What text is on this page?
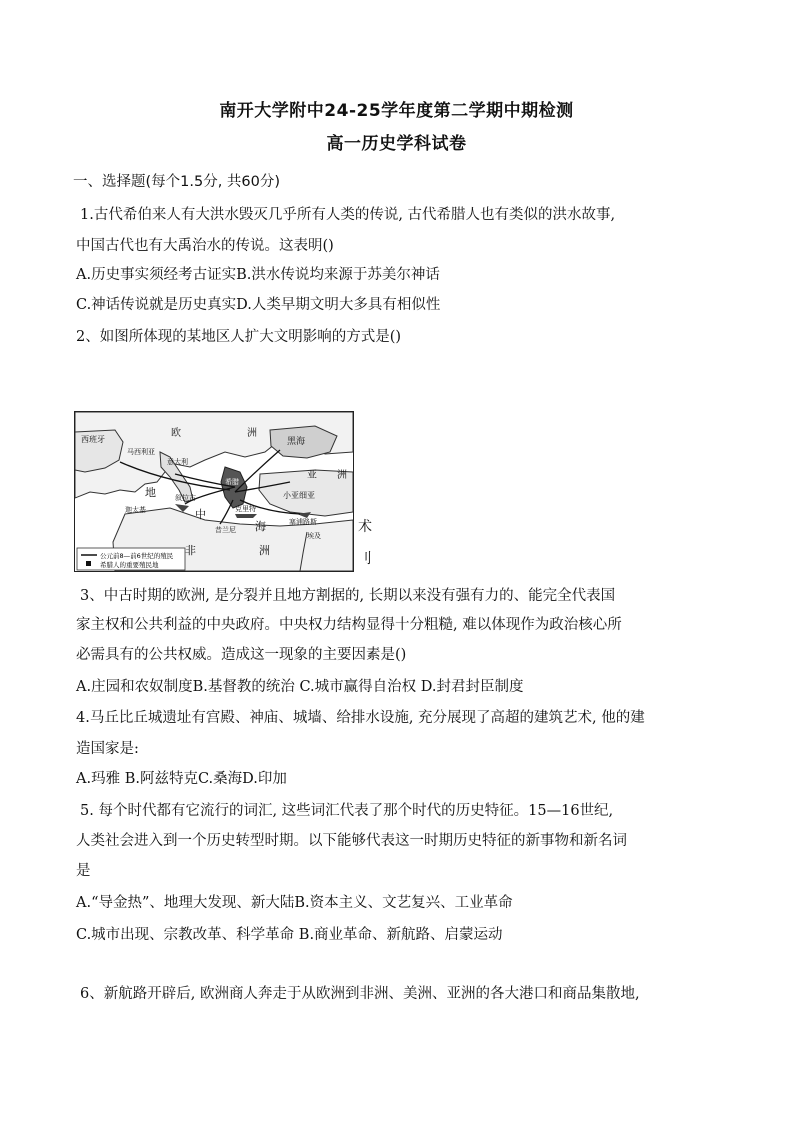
南开大学附中24-25学年度第二学期中期检测
高一历史学科试卷
一、选择题(每个1.5分, 共60分)
1.古代希伯来人有大洪水毁灭几乎所有人类的传说, 古代希腊人也有类似的洪水故事,
中国古代也有大禹治水的传说。这表明()
A.历史事实须经考古证实B.洪水传说均来源于苏美尔神话
C.神话传说就是历史真实D.人类早期文明大多具有相似性
2、如图所体现的某地区人扩大文明影响的方式是()
欧	洲
西班牙
马西利亚
意大利
黑海
亚 洲
小亚细亚
地
中
海
非	洲
塞浦路斯
希腊
叙拉古
迦太基
昔兰尼
克里特
埃及
公元前8—前6世纪的殖民
希腊人的重要殖民地
术
刂
3、中古时期的欧洲, 是分裂并且地方割据的, 长期以来没有强有力的、能完全代表国
家主权和公共利益的中央政府。中央权力结构显得十分粗糙, 难以体现作为政治核心所
必需具有的公共权威。造成这一现象的主要因素是()
A.庄园和农奴制度B.基督教的统治 C.城市赢得自治权 D.封君封臣制度
4.马丘比丘城遗址有宫殿、神庙、城墙、给排水设施, 充分展现了高超的建筑艺术, 他的建
造国家是:
A.玛雅 B.阿兹特克C.桑海D.印加
5. 每个时代都有它流行的词汇, 这些词汇代表了那个时代的历史特征。15—16世纪,
人类社会进入到一个历史转型时期。以下能够代表这一时期历史特征的新事物和新名词
是
A.“导金热”、地理大发现、新大陆B.资本主义、文艺复兴、工业革命
C.城市出现、宗教改革、科学革命 B.商业革命、新航路、启蒙运动
6、新航路开辟后, 欧洲商人奔走于从欧洲到非洲、美洲、亚洲的各大港口和商品集散地,
